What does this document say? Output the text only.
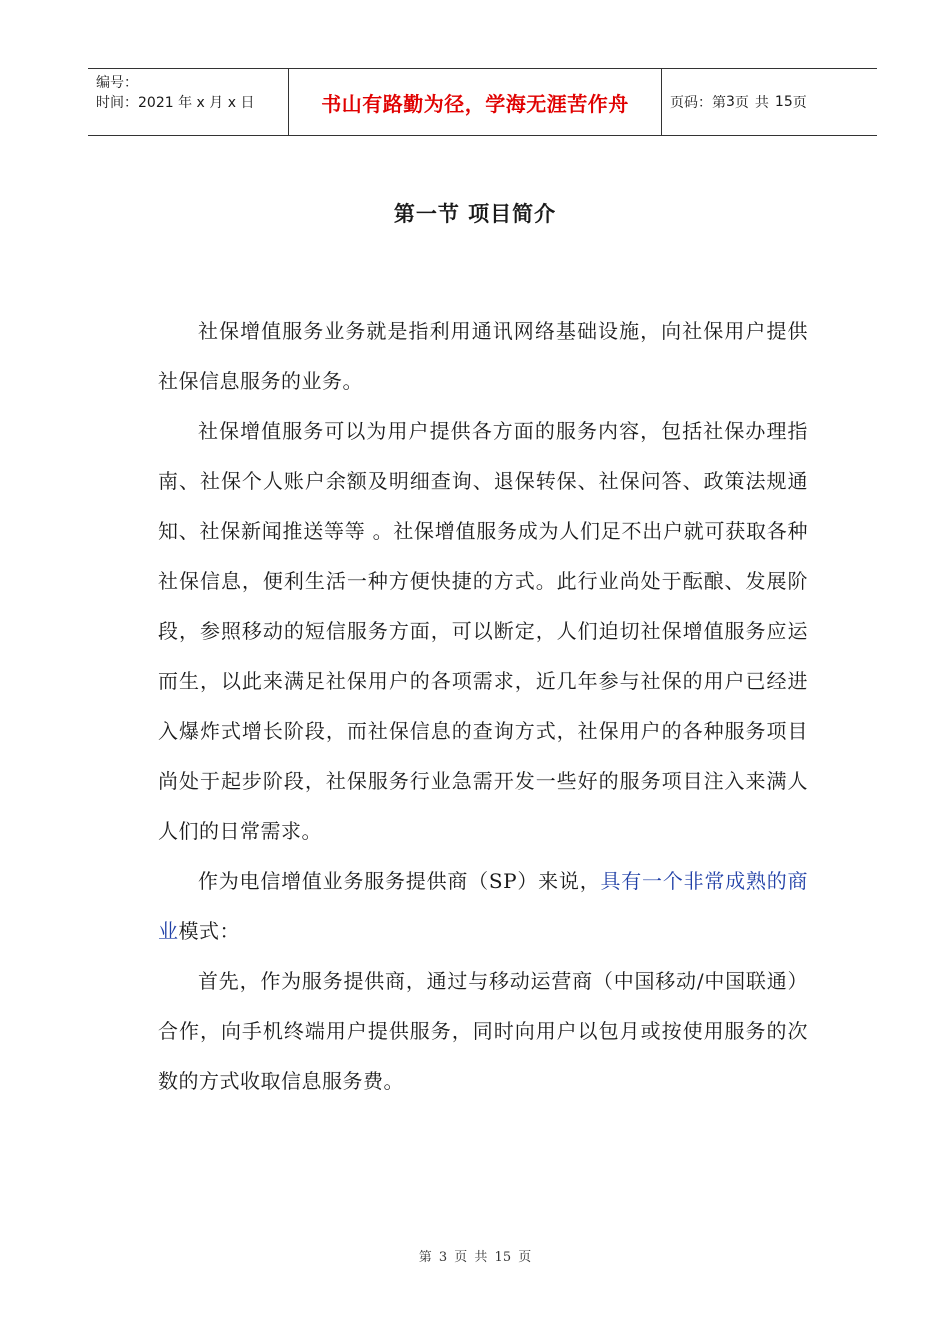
编号：
时间：2021 年 x 月 x 日	书山有路勤为径，学海无涯苦作舟	页码：第 3 页 共 15 页
第一节 项目简介

社保增值服务业务就是指利用通讯网络基础设施，向社保用户提供社保信息服务的业务。

社保增值服务可以为用户提供各方面的服务内容，包括社保办理指南、社保个人账户余额及明细查询、退保转保、社保问答、政策法规通知、社保新闻推送等等 。社保增值服务成为人们足不出户就可获取各种社保信息，便利生活一种方便快捷的方式。此行业尚处于酝酿、发展阶段，参照移动的短信服务方面，可以断定，人们迫切社保增值服务应运而生，以此来满足社保用户的各项需求，近几年参与社保的用户已经进入爆炸式增长阶段，而社保信息的查询方式，社保用户的各种服务项目尚处于起步阶段，社保服务行业急需开发一些好的服务项目注入来满人人们的日常需求。

作为电信增值业务服务提供商（SP）来说，具有一个非常成熟的商业模式：

首先，作为服务提供商，通过与移动运营商（中国移动/中国联通）合作，向手机终端用户提供服务，同时向用户以包月或按使用服务的次数的方式收取信息服务费。

第 3 页 共 15 页
